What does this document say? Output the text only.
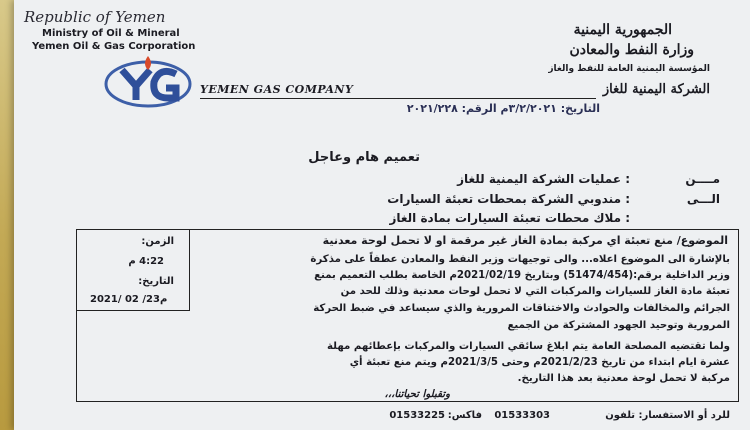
Republic of Yemen
Ministry of Oil & Mineral
Yemen Oil & Gas Corporation
YEMEN GAS COMPANY
الجمهورية اليمنية
وزارة النفط والمعادن
المؤسسة اليمنية العامة للنفط والغاز
الشركة اليمنية للغاز
التاريخ: ٣/٢/٢٠٢١م الرقم: ٢٠٢١/٢٢٨
تعميم هام وعاجل
مــــن
: عمليات الشركة اليمنية للغاز
الـــى
: مندوبي الشركة بمحطات تعبئة السيارات
: ملاك محطات تعبئة السيارات بمادة الغاز
الزمن:
4:22 م
التاريخ:
2021/ 02 /23م
الموضوع/ منع تعبئة اي مركبة بمادة الغاز غير مرقمة او لا تحمل لوحة معدنية
بالإشارة الى الموضوع اعلاه... والى توجيهات وزير النفط والمعادن عطفاً على مذكرة
وزير الداخلية برقم:(51474/454) وبتاريخ 2021/02/19م الخاصة بطلب التعميم بمنع
تعبئة مادة الغاز للسيارات والمركبات التي لا تحمل لوحات معدنية وذلك للحد من
الجرائم والمخالفات والحوادث والاختناقات المرورية والذي سيساعد في ضبط الحركة
المرورية وتوحيد الجهود المشتركة من الجميع
ولما تقتضيه المصلحة العامة يتم ابلاغ سائقي السيارات والمركبات بإعطائهم مهلة
عشرة ايام ابتداء من تاريخ 2021/2/23م وحتى 2021/3/5م ويتم منع تعبئة أي
مركبة لا تحمل لوحة معدنية بعد هذا التاريخ.
وتقبلوا تحياتنا،،،
للرد أو الاستفسار: تلفون
01533303
فاكس:
01533225
